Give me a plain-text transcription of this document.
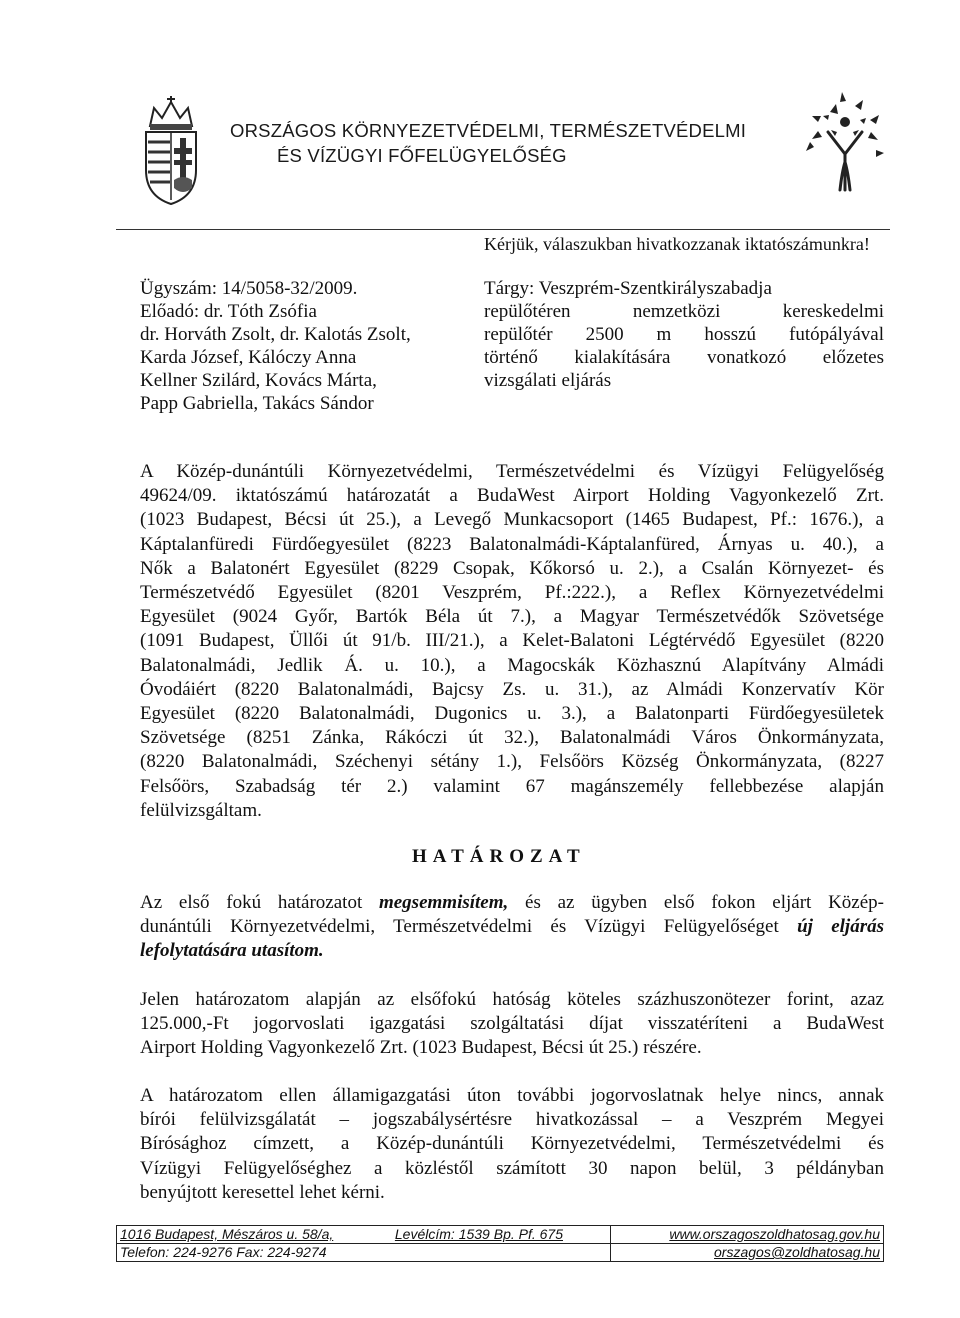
ORSZÁGOS KÖRNYEZETVÉDELMI, TERMÉSZETVÉDELMI
ÉS VÍZÜGYI FŐFELÜGYELŐSÉG
Kérjük, válaszukban hivatkozzanak iktatószámunkra!
Ügyszám: 14/5058-32/2009.
Előadó: dr. Tóth Zsófia
dr. Horváth Zsolt, dr. Kalotás Zsolt,
Karda József, Kálóczy Anna
Kellner Szilárd, Kovács Márta,
Papp Gabriella, Takács Sándor
Tárgy: Veszprém-Szentkirályszabadja
repülőtéren nemzetközi kereskedelmi
repülőtér 2500 m hosszú futópályával
történő kialakítására vonatkozó előzetes
vizsgálati eljárás
A Közép-dunántúli Környezetvédelmi, Természetvédelmi és Vízügyi Felügyelőség
49624/09. iktatószámú határozatát a BudaWest Airport Holding Vagyonkezelő Zrt.
(1023 Budapest, Bécsi út 25.), a Levegő Munkacsoport (1465 Budapest, Pf.: 1676.), a
Káptalanfüredi Fürdőegyesület (8223 Balatonalmádi-Káptalanfüred, Árnyas u. 40.), a
Nők a Balatonért Egyesület (8229 Csopak, Kőkorsó u. 2.), a Csalán Környezet- és
Természetvédő Egyesület (8201 Veszprém, Pf.:222.), a Reflex Környezetvédelmi
Egyesület (9024 Győr, Bartók Béla út 7.), a Magyar Természetvédők Szövetsége
(1091 Budapest, Üllői út 91/b. III/21.), a Kelet-Balatoni Légtérvédő Egyesület (8220
Balatonalmádi, Jedlik Á. u. 10.), a Magocskák Közhasznú Alapítvány Almádi
Óvodáiért (8220 Balatonalmádi, Bajcsy Zs. u. 31.), az Almádi Konzervatív Kör
Egyesület (8220 Balatonalmádi, Dugonics u. 3.), a Balatonparti Fürdőegyesületek
Szövetsége (8251 Zánka, Rákóczi út 32.), Balatonalmádi Város Önkormányzata,
(8220 Balatonalmádi, Széchenyi sétány 1.), Felsőörs Község Önkormányzata, (8227
Felsőörs, Szabadság tér 2.) valamint 67 magánszemély fellebbezése alapján
felülvizsgáltam.
HATÁROZAT
Az első fokú határozatot megsemmisítem, és az ügyben első fokon eljárt Közép-
dunántúli Környezetvédelmi, Természetvédelmi és Vízügyi Felügyelőséget új eljárás
lefolytatására utasítom.
Jelen határozatom alapján az elsőfokú hatóság köteles százhuszonötezer forint, azaz
125.000,-Ft jogorvoslati igazgatási szolgáltatási díjat visszatéríteni a BudaWest
Airport Holding Vagyonkezelő Zrt. (1023 Budapest, Bécsi út 25.) részére.
A határozatom ellen államigazgatási úton további jogorvoslatnak helye nincs, annak
bírói felülvizsgálatát – jogszabálysértésre hivatkozással – a Veszprém Megyei
Bírósághoz címzett, a Közép-dunántúli Környezetvédelmi, Természetvédelmi és
Vízügyi Felügyelőséghez a közléstől számított 30 napon belül, 3 példányban
benyújtott keresettel lehet kérni.
1016 Budapest, Mészáros u. 58/a,	Levélcím: 1539 Bp. Pf. 675	www.orszagoszoldhatosag.gov.hu
Telefon: 224-9276 Fax: 224-9274		orszagos@zoldhatosag.hu
